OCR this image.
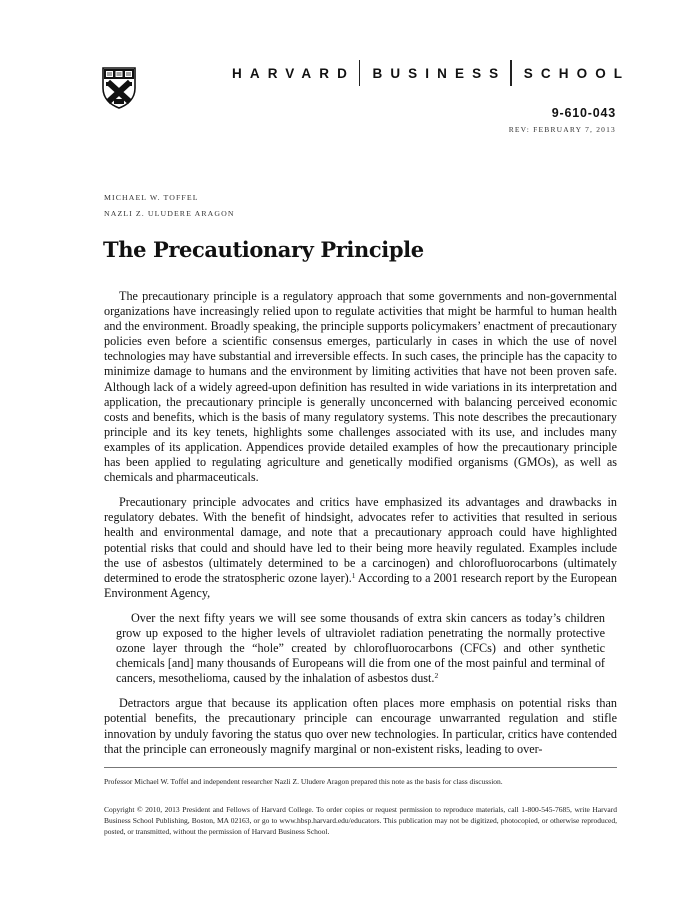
HARVARD BUSINESS SCHOOL
9-610-043
REV: FEBRUARY 7, 2013
MICHAEL W. TOFFEL
NAZLI Z. ULUDERE ARAGON
The Precautionary Principle

The precautionary principle is a regulatory approach that some governments and non-governmental organizations have increasingly relied upon to regulate activities that might be harmful to human health and the environment. Broadly speaking, the principle supports policymakers’ enactment of precautionary policies even before a scientific consensus emerges, particularly in cases in which the use of novel technologies may have substantial and irreversible effects. In such cases, the principle has the capacity to minimize damage to humans and the environment by limiting activities that have not been proven safe. Although lack of a widely agreed-upon definition has resulted in wide variations in its interpretation and application, the precautionary principle is generally unconcerned with balancing perceived economic costs and benefits, which is the basis of many regulatory systems. This note describes the precautionary principle and its key tenets, highlights some challenges associated with its use, and includes many examples of its application. Appendices provide detailed examples of how the precautionary principle has been applied to regulating agriculture and genetically modified organisms (GMOs), as well as chemicals and pharmaceuticals.

Precautionary principle advocates and critics have emphasized its advantages and drawbacks in regulatory debates. With the benefit of hindsight, advocates refer to activities that resulted in serious health and environmental damage, and note that a precautionary approach could have highlighted potential risks that could and should have led to their being more heavily regulated. Examples include the use of asbestos (ultimately determined to be a carcinogen) and chlorofluorocarbons (ultimately determined to erode the stratospheric ozone layer).$^1$ According to a 2001 research report by the European Environment Agency,

Over the next fifty years we will see some thousands of extra skin cancers as today’s children grow up exposed to the higher levels of ultraviolet radiation penetrating the normally protective ozone layer through the “hole” created by chlorofluorocarbons (CFCs) and other synthetic chemicals [and] many thousands of Europeans will die from one of the most painful and terminal of cancers, mesothelioma, caused by the inhalation of asbestos dust.$^2$

Detractors argue that because its application often places more emphasis on potential risks than potential benefits, the precautionary principle can encourage unwarranted regulation and stifle innovation by unduly favoring the status quo over new technologies. In particular, critics have contended that the principle can erroneously magnify marginal or non-existent risks, leading to over-

Professor Michael W. Toffel and independent researcher Nazli Z. Uludere Aragon prepared this note as the basis for class discussion.
Copyright © 2010, 2013 President and Fellows of Harvard College. To order copies or request permission to reproduce materials, call 1-800-545-7685, write Harvard Business School Publishing, Boston, MA 02163, or go to www.hbsp.harvard.edu/educators. This publication may not be digitized, photocopied, or otherwise reproduced, posted, or transmitted, without the permission of Harvard Business School.
